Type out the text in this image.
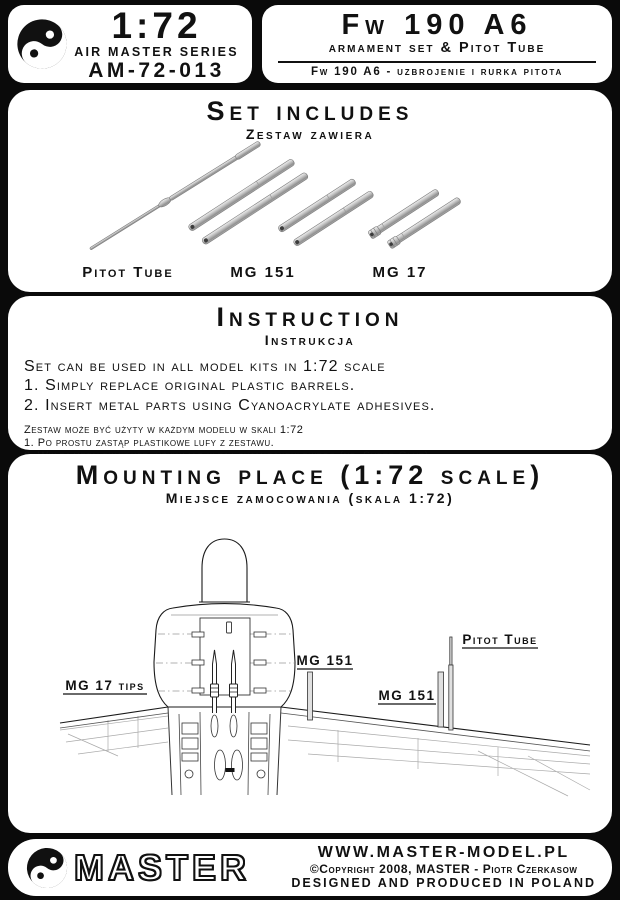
1:72
AIR MASTER SERIES
AM-72-013
Fw 190 A6
armament set & Pitot Tube
Fw 190 A6 - uzbrojenie i rurka pitota
Set includes
Zestaw zawiera
Pitot Tube	MG 151	MG 17
Instruction
Instrukcja
Set can be used in all model kits in 1:72 scale
1. Simply replace original plastic barrels.
2. Insert metal parts using Cyanoacrylate adhesives.
Zestaw może być użyty w każdym modelu w skali 1:72
1. Po prostu zastąp plastikowe lufy z zestawu.
Mounting place (1:72 scale)
Miejsce zamocowania (skala 1:72)
MG 17 tips
MG 151
MG 151
Pitot Tube
MASTER	WWW.MASTER-MODEL.PL
©Copyright 2008, MASTER - Piotr Czerkasow
DESIGNED AND PRODUCED IN POLAND
